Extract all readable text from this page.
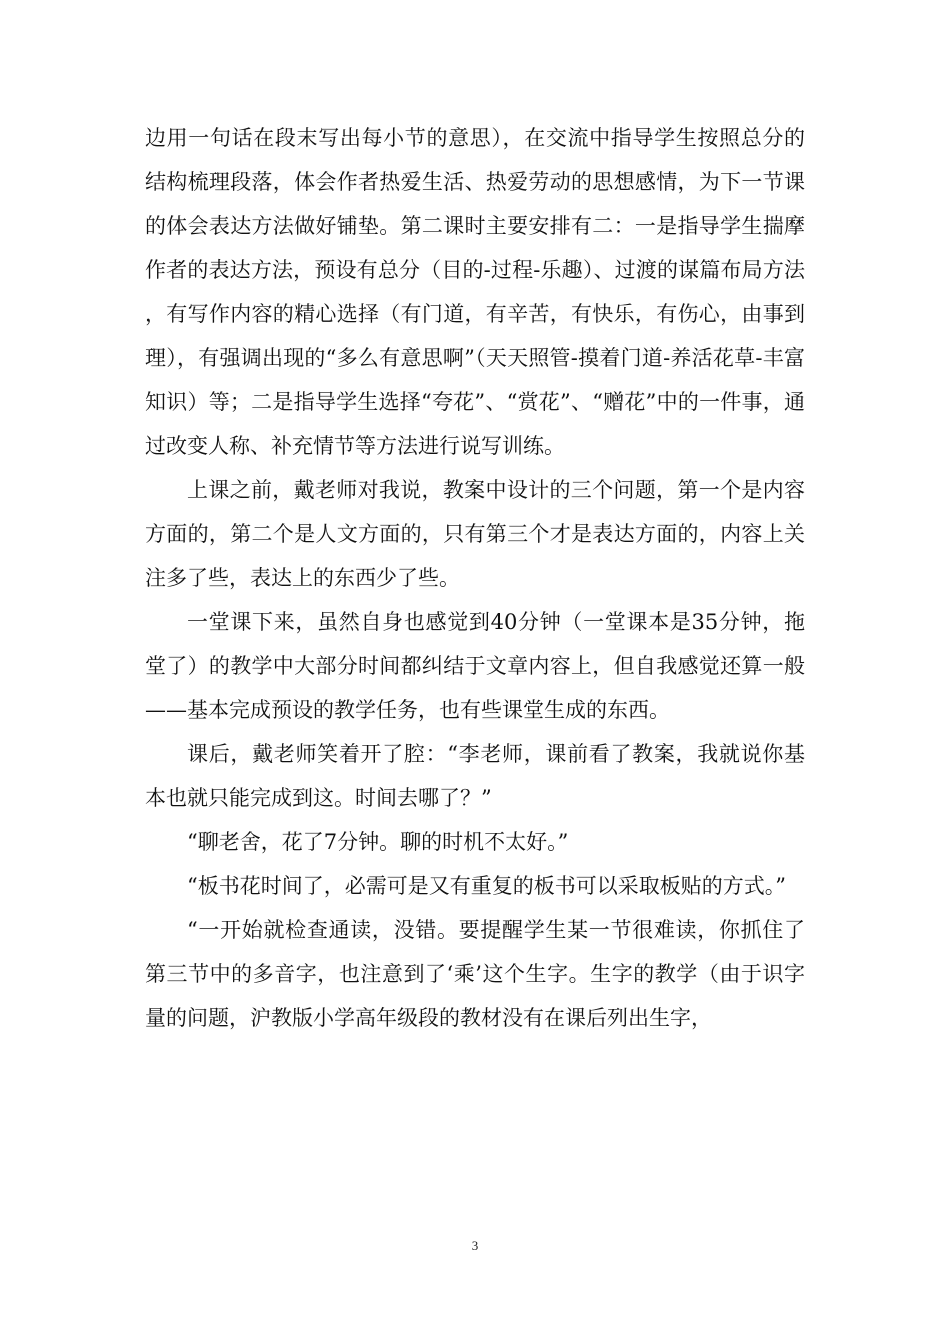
边用一句话在段末写出每小节的意思），在交流中指导学生按照总分的结构梳理段落，体会作者热爱生活、热爱劳动的思想感情，为下一节课的体会表达方法做好铺垫。第二课时主要安排有二：一是指导学生揣摩作者的表达方法，预设有总分（目的-过程-乐趣）、过渡的谋篇布局方法，有写作内容的精心选择（有门道，有辛苦，有快乐，有伤心，由事到理），有强调出现的“多么有意思啊”（天天照管-摸着门道-养活花草-丰富知识）等；二是指导学生选择“夸花”、“赏花”、“赠花”中的一件事，通过改变人称、补充情节等方法进行说写训练。

上课之前，戴老师对我说，教案中设计的三个问题，第一个是内容方面的，第二个是人文方面的，只有第三个才是表达方面的，内容上关注多了些，表达上的东西少了些。

一堂课下来，虽然自身也感觉到40分钟（一堂课本是35分钟，拖堂了）的教学中大部分时间都纠结于文章内容上，但自我感觉还算一般——基本完成预设的教学任务，也有些课堂生成的东西。

课后，戴老师笑着开了腔：“李老师，课前看了教案，我就说你基本也就只能完成到这。时间去哪了？”

“聊老舍，花了7分钟。聊的时机不太好。”

“板书花时间了，必需可是又有重复的板书可以采取板贴的方式。”

“一开始就检查通读，没错。要提醒学生某一节很难读，你抓住了第三节中的多音字，也注意到了‘乘’这个生字。生字的教学（由于识字量的问题，沪教版小学高年级段的教材没有在课后列出生字，

3
